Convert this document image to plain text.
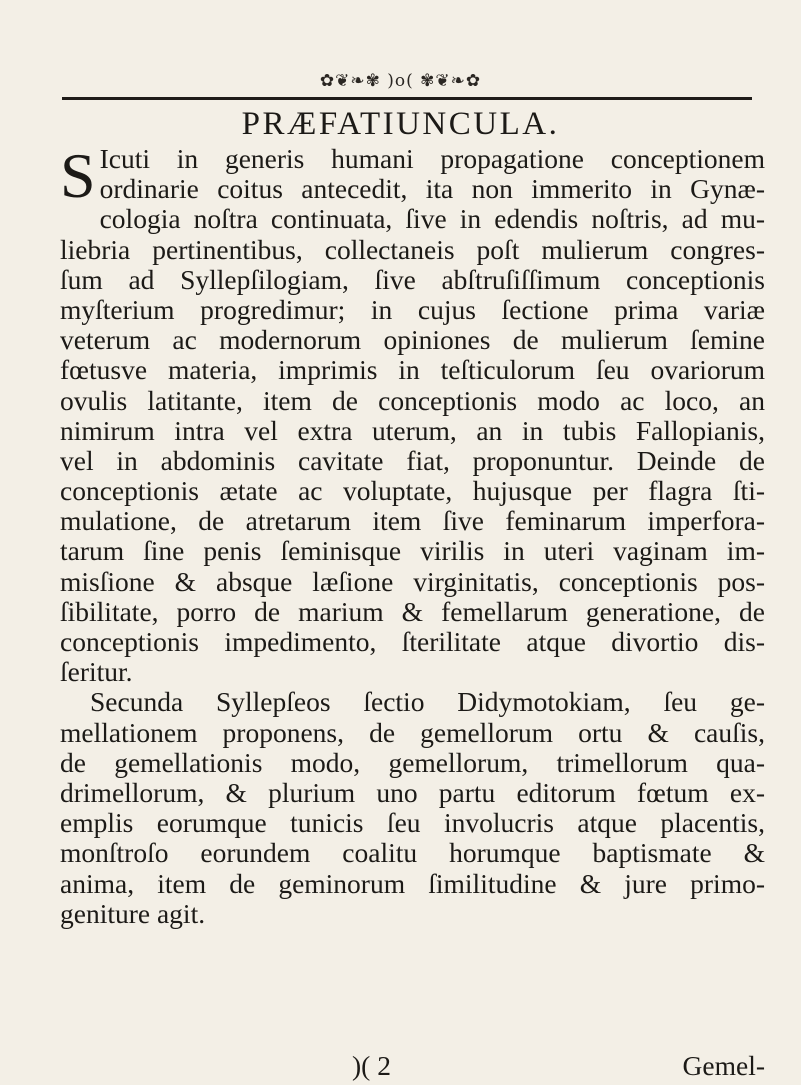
✿❦❧✾ )o( ✾❦❧✿
PRÆFATIUNCULA.
S Icuti in generis humani propagatione conceptionem
ordinarie coitus antecedit, ita non immerito in Gynæ-
cologia noſtra continuata, ſive in edendis noſtris, ad mu-
liebria pertinentibus, collectaneis poſt mulierum congres-
ſum ad Syllepſilogiam, ſive abſtruſiſſimum conceptionis
myſterium progredimur; in cujus ſectione prima variæ
veterum ac modernorum opiniones de mulierum ſemine
fœtusve materia, imprimis in teſticulorum ſeu ovariorum
ovulis latitante, item de conceptionis modo ac loco, an
nimirum intra vel extra uterum, an in tubis Fallopianis,
vel in abdominis cavitate fiat, proponuntur. Deinde de
conceptionis ætate ac voluptate, hujusque per flagra ſti-
mulatione, de atretarum item ſive feminarum imperfora-
tarum ſine penis ſeminisque virilis in uteri vaginam im-
misſione & absque læſione virginitatis, conceptionis pos-
ſibilitate, porro de marium & femellarum generatione, de
conceptionis impedimento, ſterilitate atque divortio dis-
ſeritur.
Secunda Syllepſeos ſectio Didymotokiam, ſeu ge-
mellationem proponens, de gemellorum ortu & cauſis,
de gemellationis modo, gemellorum, trimellorum qua-
drimellorum, & plurium uno partu editorum fœtum ex-
emplis eorumque tunicis ſeu involucris atque placentis,
monſtroſo eorundem coalitu horumque baptismate &
anima, item de geminorum ſimilitudine & jure primo-
geniture agit.
)( 2	Gemel-
